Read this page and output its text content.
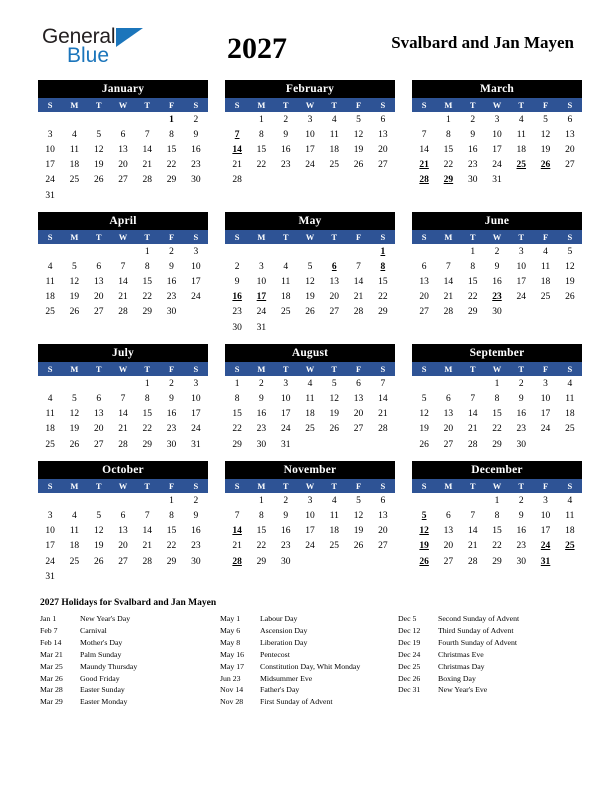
General
Blue	2027	Svalbard and Jan Mayen
January
S	M	T	W	T	F	S
					1	2
3	4	5	6	7	8	9
10	11	12	13	14	15	16
17	18	19	20	21	22	23
24	25	26	27	28	29	30
31						
February
S	M	T	W	T	F	S
	1	2	3	4	5	6
7	8	9	10	11	12	13
14	15	16	17	18	19	20
21	22	23	24	25	26	27
28						
March
S	M	T	W	T	F	S
	1	2	3	4	5	6
7	8	9	10	11	12	13
14	15	16	17	18	19	20
21	22	23	24	25	26	27
28	29	30	31			
April
S	M	T	W	T	F	S
				1	2	3
4	5	6	7	8	9	10
11	12	13	14	15	16	17
18	19	20	21	22	23	24
25	26	27	28	29	30	
May
S	M	T	W	T	F	S
						1
2	3	4	5	6	7	8
9	10	11	12	13	14	15
16	17	18	19	20	21	22
23	24	25	26	27	28	29
30	31					
June
S	M	T	W	T	F	S
		1	2	3	4	5
6	7	8	9	10	11	12
13	14	15	16	17	18	19
20	21	22	23	24	25	26
27	28	29	30			
July
S	M	T	W	T	F	S
				1	2	3
4	5	6	7	8	9	10
11	12	13	14	15	16	17
18	19	20	21	22	23	24
25	26	27	28	29	30	31
August
S	M	T	W	T	F	S
1	2	3	4	5	6	7
8	9	10	11	12	13	14
15	16	17	18	19	20	21
22	23	24	25	26	27	28
29	30	31				
September
S	M	T	W	T	F	S
			1	2	3	4
5	6	7	8	9	10	11
12	13	14	15	16	17	18
19	20	21	22	23	24	25
26	27	28	29	30		
October
S	M	T	W	T	F	S
					1	2
3	4	5	6	7	8	9
10	11	12	13	14	15	16
17	18	19	20	21	22	23
24	25	26	27	28	29	30
31						
November
S	M	T	W	T	F	S
	1	2	3	4	5	6
7	8	9	10	11	12	13
14	15	16	17	18	19	20
21	22	23	24	25	26	27
28	29	30				
December
S	M	T	W	T	F	S
			1	2	3	4
5	6	7	8	9	10	11
12	13	14	15	16	17	18
19	20	21	22	23	24	25
26	27	28	29	30	31	
2027 Holidays for Svalbard and Jan Mayen
Jan 1	New Year's Day
Feb 7	Carnival
Feb 14	Mother's Day
Mar 21	Palm Sunday
Mar 25	Maundy Thursday
Mar 26	Good Friday
Mar 28	Easter Sunday
Mar 29	Easter Monday
May 1	Labour Day
May 6	Ascension Day
May 8	Liberation Day
May 16	Pentecost
May 17	Constitution Day, Whit Monday
Jun 23	Midsummer Eve
Nov 14	Father's Day
Nov 28	First Sunday of Advent
Dec 5	Second Sunday of Advent
Dec 12	Third Sunday of Advent
Dec 19	Fourth Sunday of Advent
Dec 24	Christmas Eve
Dec 25	Christmas Day
Dec 26	Boxing Day
Dec 31	New Year's Eve
